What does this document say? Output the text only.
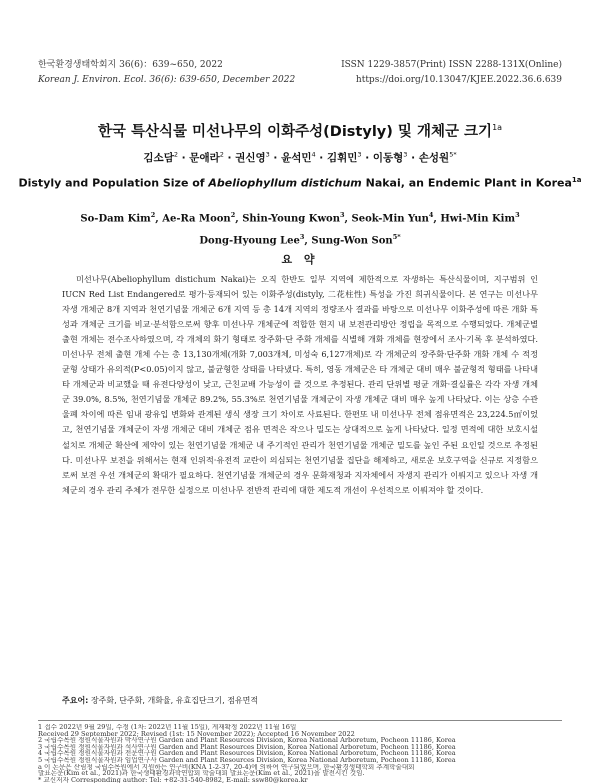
한국환경생태학회지 36(6)：639~650, 2022
Korean J. Environ. Ecol. 36(6): 639-650, December 2022
ISSN 1229-3857(Print) ISSN 2288-131X(Online)
https://doi.org/10.13047/KJEE.2022.36.6.639
한국 특산식물 미선나무의 이화주성(Distyly) 및 개체군 크기$^{1a}$
김소담$^2$ · 문애라$^2$ · 권신영$^3$ · 윤석민$^4$ · 김휘민$^3$ · 이동형$^3$ · 손성원$^{5*}$
Distyly and Population Size of Abeliophyllum distichum Nakai, an Endemic Plant in Korea$^{1a}$
So-Dam Kim$^2$, Ae-Ra Moon$^2$, Shin-Young Kwon$^3$, Seok-Min Yun$^4$, Hwi-Min Kim$^3$
Dong-Hyoung Lee$^3$, Sung-Won Son$^{5*}$
요 약

미선나무(Abeliophyllum distichum Nakai)는 오직 한반도 일부 지역에 제한적으로 자생하는 특산식물이며, 지구범위 인 IUCN Red List Endangered로 평가·등재되어 있는 이화주성(distyly, 二花柱性) 특성을 가진 희귀식물이다. 본 연구는 미선나무 자생 개체군 8개 지역과 천연기념물 개체군 6개 지역 등 총 14개 지역의 정량조사 결과를 바탕으로 미선나무 이화주성에 따른 개화 특성과 개체군 크기를 비교·분석함으로써 향후 미선나무 개체군에 적합한 현지 내 보전관리방안 정립을 목적으로 수행되었다. 개체군별 출현 개체는 전수조사하였으며, 각 개체의 화기 형태로 장주화·단 주화 개체를 식별해 개화 개체를 현장에서 조사·기록 후 분석하였다. 미선나무 전체 출현 개체 수는 총 13,130개체(개화 7,003개체, 미성숙 6,127개체)로 각 개체군의 장주화·단주화 개화 개체 수 적정 균형 상태가 유의적(P<0.05)이지 않고, 불균형한 상태를 나타냈다. 특히, 영동 개체군은 타 개체군 대비 매우 불균형적 형태를 나타내 타 개체군과 비교했을 때 유전다양성이 낮고, 근친교배 가능성이 클 것으로 추정된다. 관리 단위별 평균 개화·결실률은 각각 자생 개체군 39.0%, 8.5%, 천연기념물 개체군 89.2%, 55.3%로 천연기념물 개체군이 자생 개체군 대비 매우 높게 나타났다. 이는 상층 수관 울폐 차이에 따른 임내 광유입 변화와 관계된 생식 생장 크기 차이로 사료된다. 한편또 내 미선나무 전체 점유면적은 23,224.5㎡이었고, 천연기념물 개체군이 자생 개체군 대비 개체군 점유 면적은 작으나 밀도는 상대적으로 높게 나타났다. 일정 면적에 대한 보호시설 설치로 개체군 확산에 제약이 있는 천연기념물 개체군 내 주기적인 관리가 천연기념물 개체군 밀도를 높인 주된 요인일 것으로 추정된다. 미선나무 보전을 위해서는 현재 인위적·유전적 교란이 의심되는 천연기념물 집단을 해제하고, 새로운 보호구역을 신규로 지정함으로써 보전 우선 개체군의 확대가 필요하다. 천연기념물 개체군의 경우 문화재청과 지자체에서 자생지 관리가 이뤄지고 있으나 자생 개체군의 경우 관리 주체가 전무한 실정으로 미선나무 전반적 관리에 대한 제도적 개선이 우선적으로 이뤄져야 할 것이다.

주요어: 장주화, 단주화, 개화율, 유효집단크기, 점유면적
1 접수 2022년 9월 29일, 수정 (1차: 2022년 11월 15일), 게재확정 2022년 11월 16일
Received 29 September 2022; Revised (1st: 15 November 2022); Accepted 16 November 2022
2 국립수목원 정원식물자원과 박사연구원 Garden and Plant Resources Division, Korea National Arboretum, Pocheon 11186, Korea
3 국립수목원 정원식물자원과 석사연구원 Garden and Plant Resources Division, Korea National Arboretum, Pocheon 11186, Korea
4 국립수목원 정원식물자원과 전문연구원 Garden and Plant Resources Division, Korea National Arboretum, Pocheon 11186, Korea
5 국립수목원 정원식물자원과 임업연구사 Garden and Plant Resources Division, Korea National Arboretum, Pocheon 11186, Korea
a 이 논문은 산림청 국립수목원에서 지원하는 연구비(KNA 1-2-37, 20-4)에 의하여 연구되었으며, 한국환경생태학회 추계학술대회
발표논문(Kim et al., 2021)과 한국생태환경과학연합회 학술대회 발표논문(Kim et al., 2021)을 발전시킨 것임.
* 교신저자 Corresponding author: Tel: +82-31-540-8982, E-mail: ssw80@korea.kr
